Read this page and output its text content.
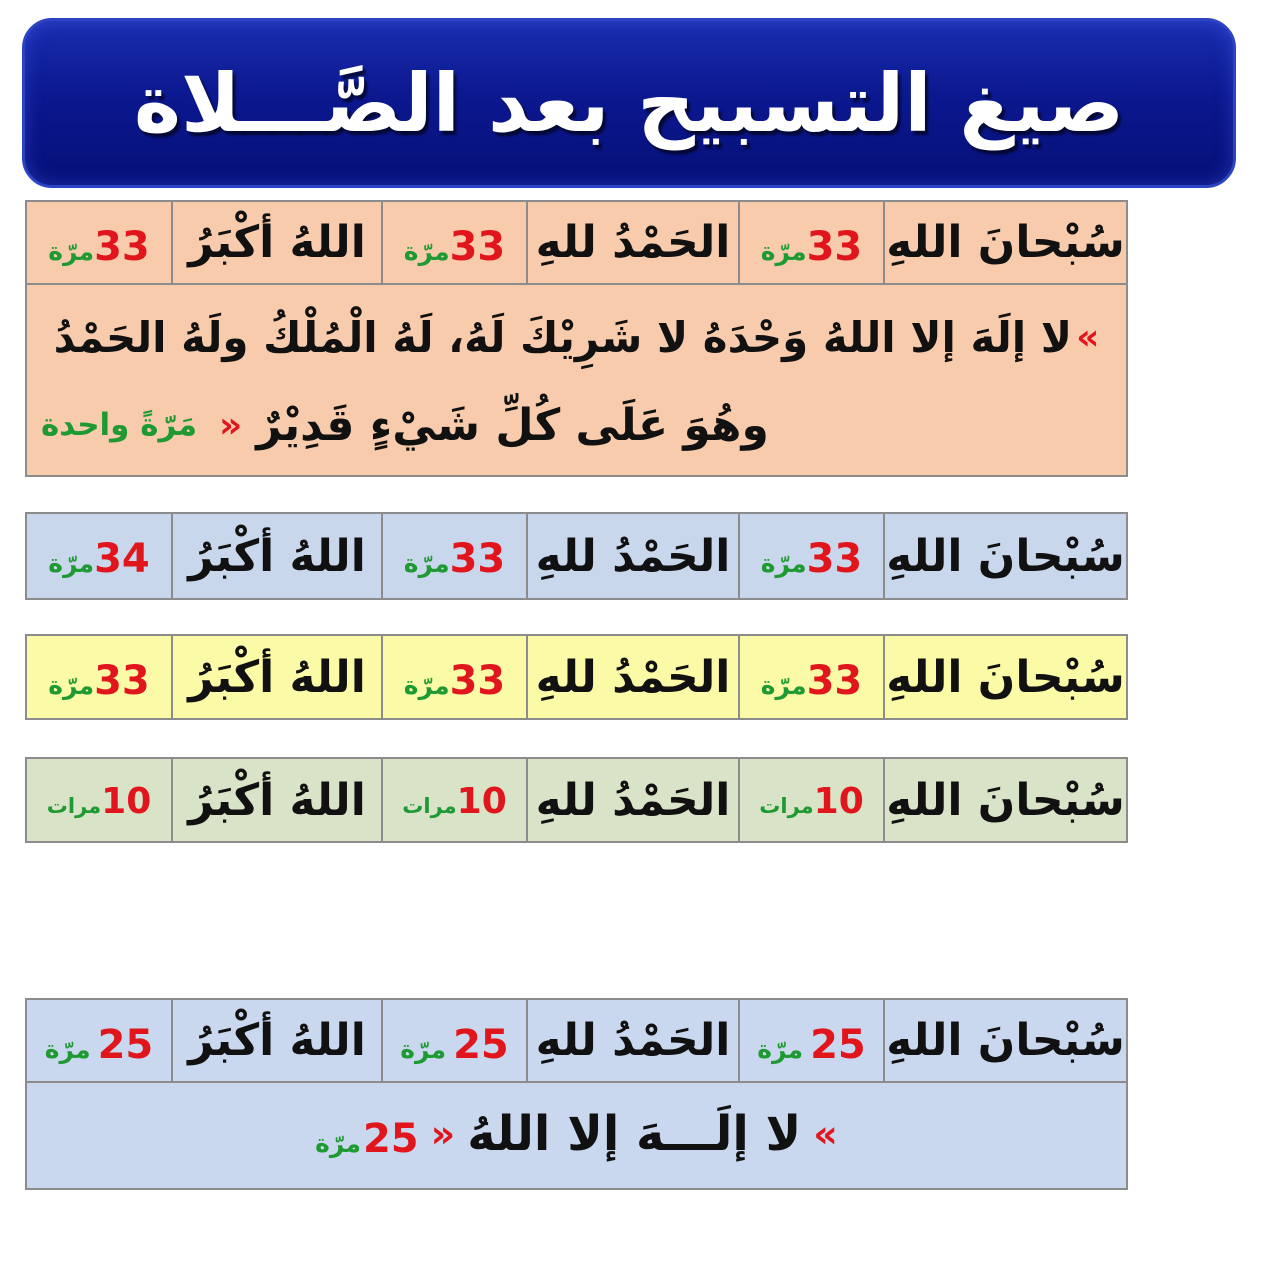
صيغ التسبيح بعد الصَّـــلاة
سُبْحانَ اللهِ
33
مرّة
الحَمْدُ للهِ
33
مرّة
اللهُ أكْبَرُ
33
مرّة
«
لا إلَهَ إلا اللهُ وَحْدَهُ لا شَرِيْكَ لَهُ، لَهُ الْمُلْكُ ولَهُ الحَمْدُ
وهُوَ عَلَى كُلِّ شَيْءٍ قَدِيْرٌ
»
مَرّةً واحدة
سُبْحانَ اللهِ
33
مرّة
الحَمْدُ للهِ
33
مرّة
اللهُ أكْبَرُ
34
مرّة
سُبْحانَ اللهِ
33
مرّة
الحَمْدُ للهِ
33
مرّة
اللهُ أكْبَرُ
33
مرّة
سُبْحانَ اللهِ
10
مرات
الحَمْدُ للهِ
10
مرات
اللهُ أكْبَرُ
10
مرات
سُبْحانَ اللهِ
25
مرّة
الحَمْدُ للهِ
25
مرّة
اللهُ أكْبَرُ
25
مرّة
«
لا إلَـــهَ إلا اللهُ
»
25
مرّة
